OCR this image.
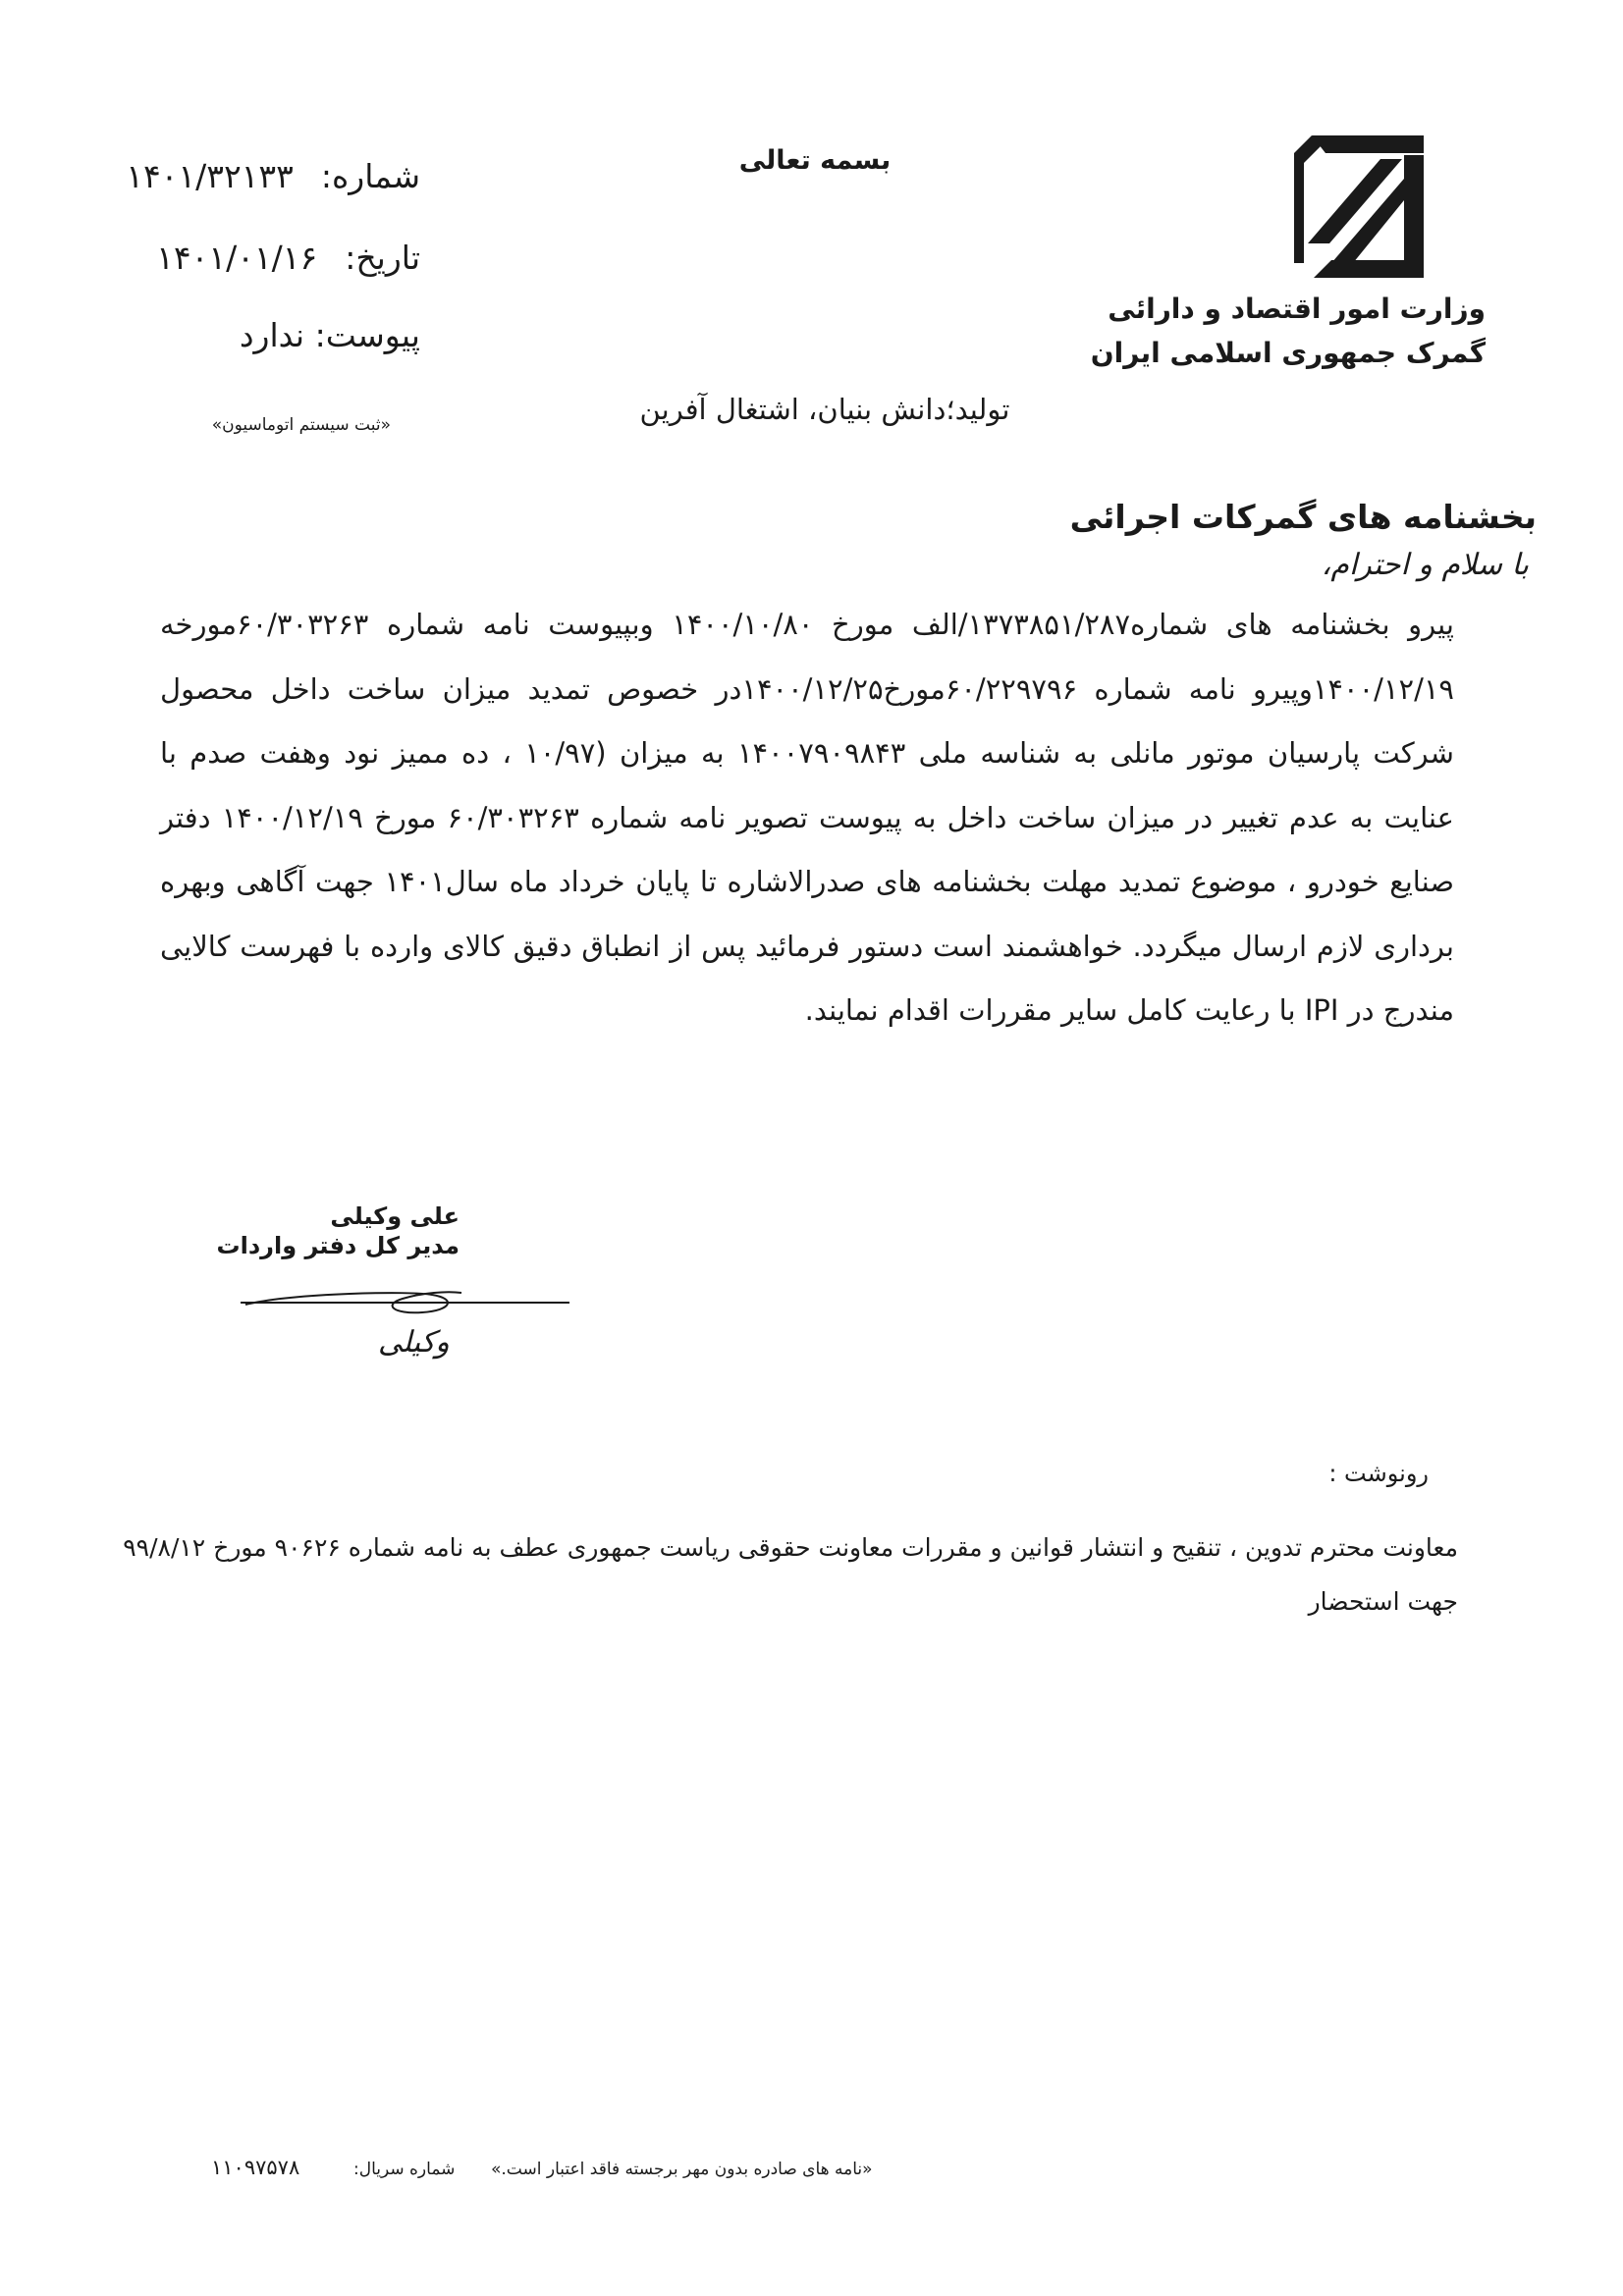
وزارت امور اقتصاد و دارائی
گمرک جمهوری اسلامی ایران
بسمه تعالی
تولید؛دانش بنیان، اشتغال آفرین
شماره:۱۴۰۱/۳۲۱۳۳
تاریخ:۱۴۰۱/۰۱/۱۶
پیوست: ندارد
«ثبت سیستم اتوماسیون»
بخشنامه های گمرکات اجرائی
با سلام و احترام،
پیرو بخشنامه های شماره۱۳۷۳۸۵۱/۲۸۷/الف مورخ ۱۴۰۰/۱۰/۸۰ وبپیوست نامه شماره ۶۰/۳۰۳۲۶۳مورخه ۱۴۰۰/۱۲/۱۹وپیرو نامه شماره ۶۰/۲۲۹۷۹۶مورخ۱۴۰۰/۱۲/۲۵در خصوص تمدید میزان ساخت داخل محصول شرکت پارسیان موتور مانلی به شناسه ملی ۱۴۰۰۷۹۰۹۸۴۳ به میزان (۱۰/۹۷ ، ده ممیز نود وهفت صدم با عنایت به عدم تغییر در میزان ساخت داخل به پیوست تصویر نامه شماره ۶۰/۳۰۳۲۶۳ مورخ ۱۴۰۰/۱۲/۱۹ دفتر صنایع خودرو ، موضوع تمدید مهلت بخشنامه های صدرالاشاره تا پایان خرداد ماه سال۱۴۰۱ جهت آگاهی وبهره برداری لازم ارسال میگردد. خواهشمند است دستور فرمائید پس از انطباق دقیق کالای وارده با فهرست کالایی مندرج در IPI با رعایت کامل سایر مقررات اقدام نمایند.
علی وکیلی
مدیر کل دفتر واردات
وکیلی
رونوشت :
معاونت محترم تدوین ، تنقیح و انتشار قوانین و مقررات معاونت حقوقی ریاست جمهوری عطف به نامه شماره ۹۰۶۲۶ مورخ ۹۹/۸/۱۲
جهت استحضار
«نامه های صادره بدون مهر برجسته فاقد اعتبار است.»
شماره سریال:
۱۱۰۹۷۵۷۸
